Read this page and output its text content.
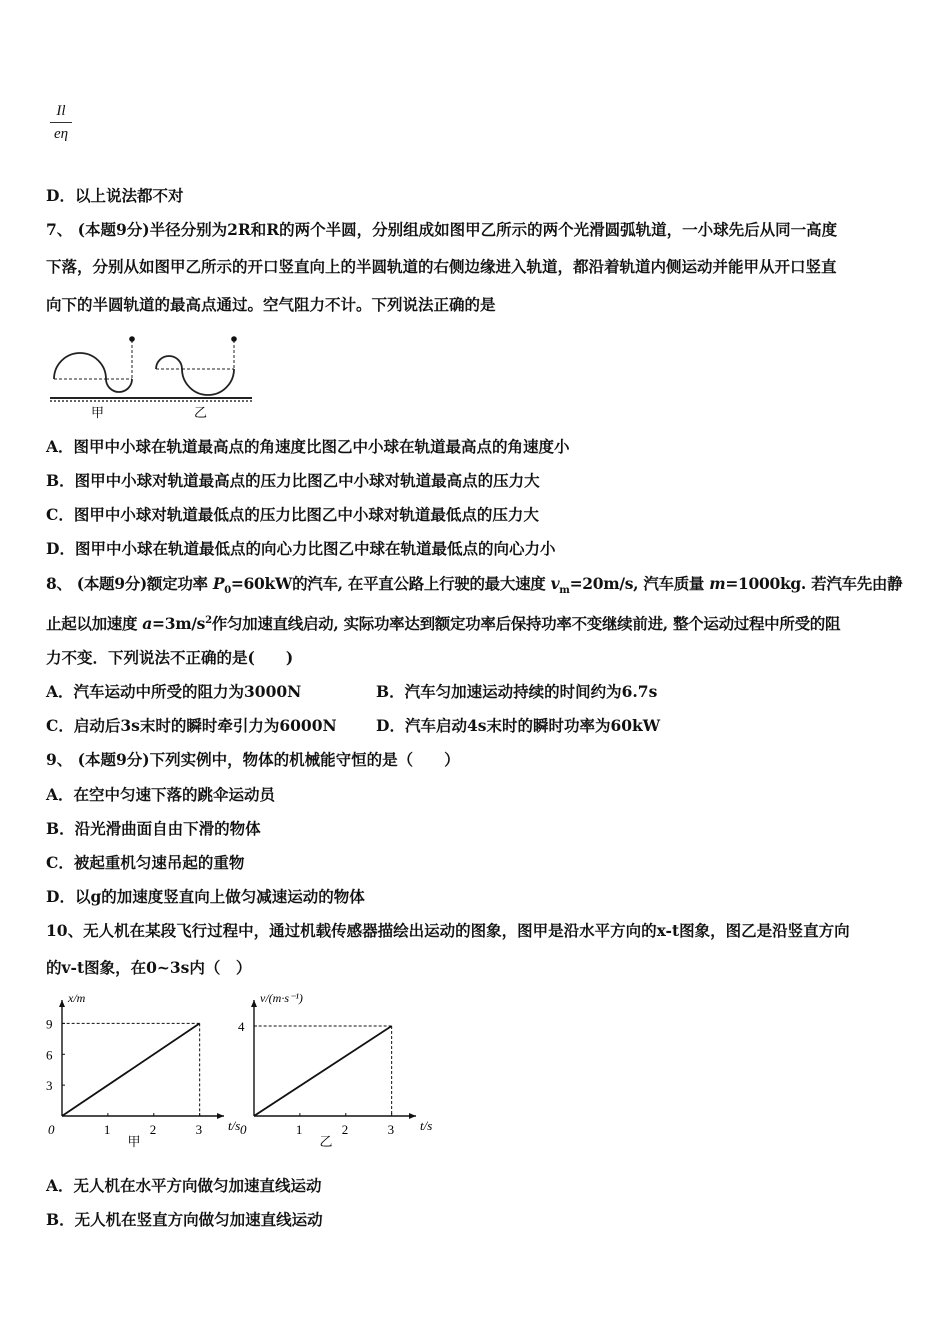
Il
eη
D．以上说法都不对
7、 (本题9分)半径分别为2R和R的两个半圆，分别组成如图甲乙所示的两个光滑圆弧轨道，一小球先后从同一高度
下落，分别从如图甲乙所示的开口竖直向上的半圆轨道的右侧边缘进入轨道，都沿着轨道内侧运动并能甲从开口竖直
向下的半圆轨道的最高点通过。空气阻力不计。下列说法正确的是
甲	乙
A．图甲中小球在轨道最高点的角速度比图乙中小球在轨道最高点的角速度小
B．图甲中小球对轨道最高点的压力比图乙中小球对轨道最高点的压力大
C．图甲中小球对轨道最低点的压力比图乙中小球对轨道最低点的压力大
D．图甲中小球在轨道最低点的向心力比图乙中球在轨道最低点的向心力小
8、 (本题9分)额定功率 $P_0=60kW$的汽车, 在平直公路上行驶的最大速度 $v_m=20m/s$, 汽车质量 m=1000kg. 若汽车先由静
止起以加速度 $a=3m/s^2$作匀加速直线启动, 实际功率达到额定功率后保持功率不变继续前进, 整个运动过程中所受的阻
力不变．下列说法不正确的是(　　)
A．汽车运动中所受的阻力为3000N	B．汽车匀加速运动持续的时间约为6.7s
C．启动后3s末时的瞬时牵引力为6000N	D．汽车启动4s末时的瞬时功率为60kW
9、 (本题9分)下列实例中，物体的机械能守恒的是（　　）
A．在空中匀速下落的跳伞运动员
B．沿光滑曲面自由下滑的物体
C．被起重机匀速吊起的重物
D．以g的加速度竖直向上做匀减速运动的物体
10、无人机在某段飞行过程中，通过机载传感器描绘出运动的图象，图甲是沿水平方向的x-t图象，图乙是沿竖直方向
的v-t图象，在0~3s内（　）
t/s
x/m
0	1	2	3
3
6
9
甲
t/s
v/(m·s⁻¹)
0	1	2	3
4
乙
A．无人机在水平方向做匀加速直线运动
B．无人机在竖直方向做匀加速直线运动
